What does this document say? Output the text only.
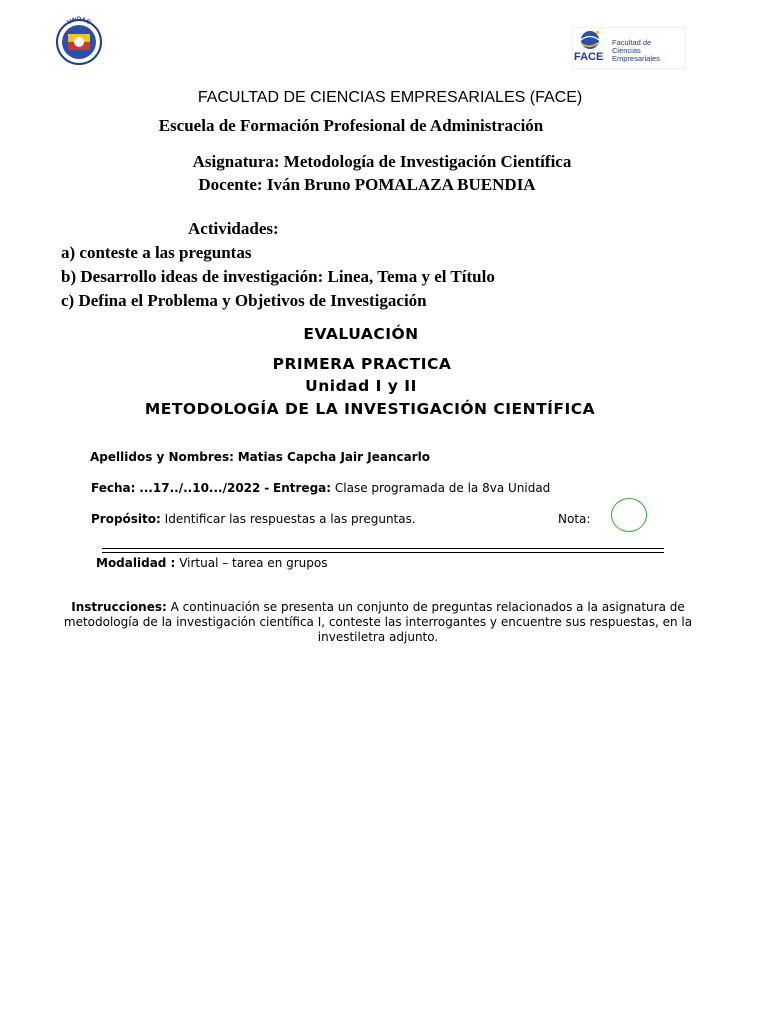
UNDAC
FACE
Facultad de Ciencias Empresariales
FACULTAD DE CIENCIAS EMPRESARIALES (FACE)
Escuela de Formación Profesional de Administración
Asignatura: Metodología de Investigación Científica
Docente: Iván Bruno POMALAZA BUENDIA
Actividades:
a) conteste a las preguntas
b) Desarrollo ideas de investigación: Linea, Tema y el Título
c) Defina el Problema y Objetivos de Investigación
EVALUACIÓN
PRIMERA PRACTICA
Unidad I y II
METODOLOGÍA DE LA INVESTIGACIÓN CIENTÍFICA
Apellidos y Nombres: Matias Capcha Jair Jeancarlo
Fecha: ...17../..10.../2022 - Entrega: Clase programada de la 8va Unidad
Propósito: Identificar las respuestas a las preguntas.	Nota:
Modalidad : Virtual – tarea en grupos
Instrucciones: A continuación se presenta un conjunto de preguntas relacionados a la asignatura de metodología de la investigación científica I, conteste las interrogantes y encuentre sus respuestas, en la investiletra adjunto.
